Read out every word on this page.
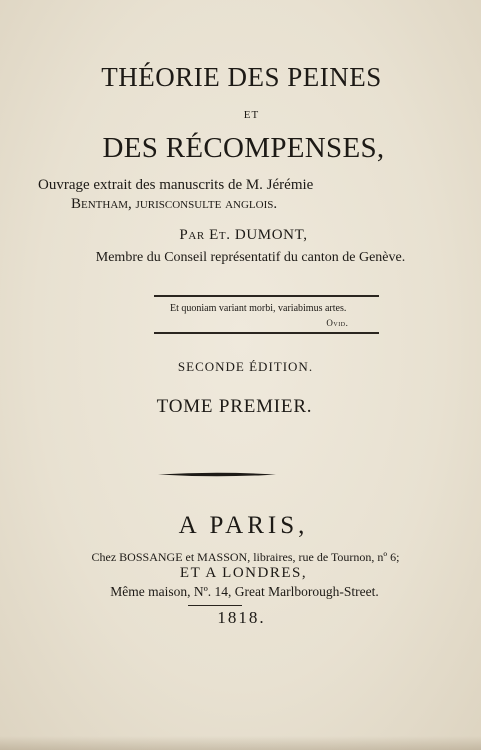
THÉORIE DES PEINES
ET
DES RÉCOMPENSES,
Ouvrage extrait des manuscrits de M. Jérémie
Bentham, jurisconsulte anglois.
Par Et. DUMONT,
Membre du Conseil représentatif du canton de Genève.
Et quoniam variant morbi, variabimus artes.
Ovid.
SECONDE ÉDITION.
TOME PREMIER.
A PARIS,
Chez BOSSANGE et MASSON, libraires, rue de Tournon, nº 6;
ET A LONDRES,
Même maison, Nº. 14, Great Marlborough-Street.
1818.
